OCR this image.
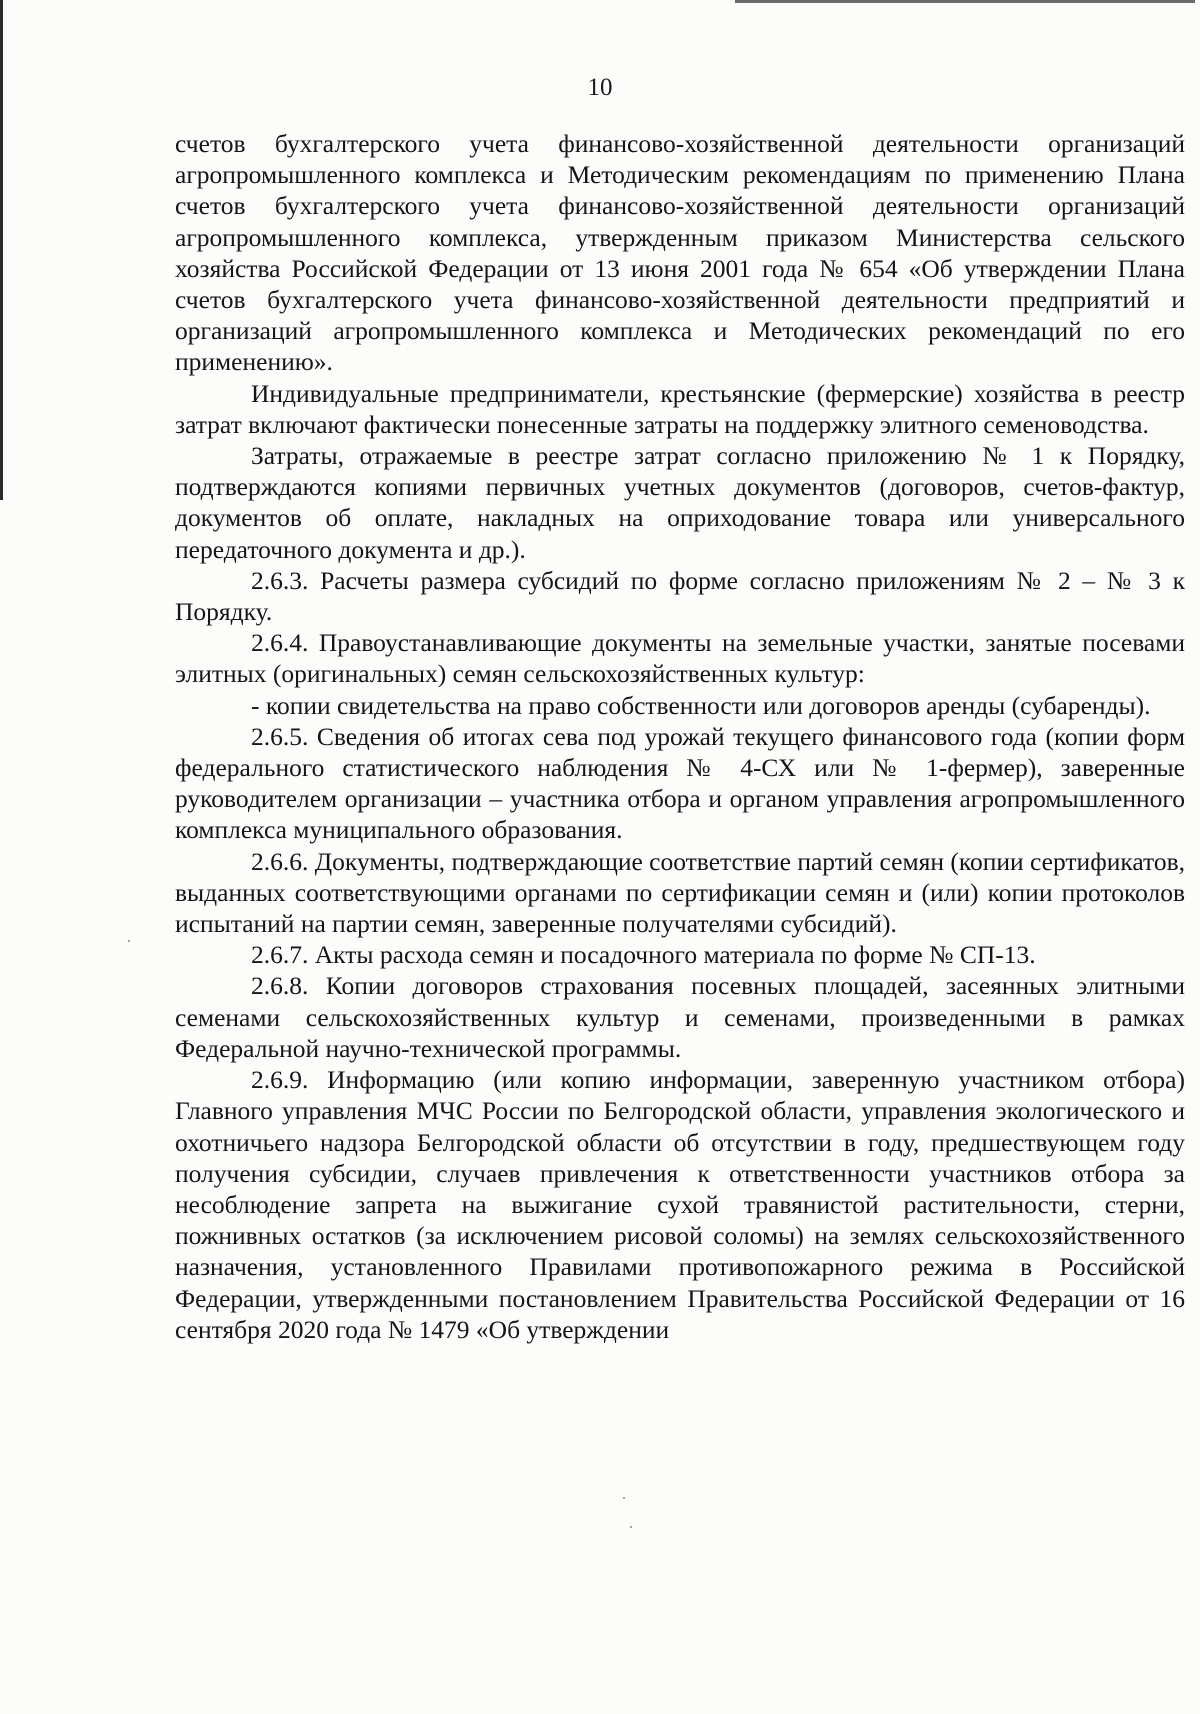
10

счетов бухгалтерского учета финансово-хозяйственной деятельности организаций агропромышленного комплекса и Методическим рекомендациям по применению Плана счетов бухгалтерского учета финансово-хозяйственной деятельности организаций агропромышленного комплекса, утвержденным приказом Министерства сельского хозяйства Российской Федерации от 13 июня 2001 года № 654 «Об утверждении Плана счетов бухгалтерского учета финансово-хозяйственной деятельности предприятий и организаций агропромышленного комплекса и Методических рекомендаций по его применению».

Индивидуальные предприниматели, крестьянские (фермерские) хозяйства в реестр затрат включают фактически понесенные затраты на поддержку элитного семеноводства.

Затраты, отражаемые в реестре затрат согласно приложению № 1 к Порядку, подтверждаются копиями первичных учетных документов (договоров, счетов-фактур, документов об оплате, накладных на оприходование товара или универсального передаточного документа и др.).

2.6.3. Расчеты размера субсидий по форме согласно приложениям № 2 – № 3 к Порядку.

2.6.4. Правоустанавливающие документы на земельные участки, занятые посевами элитных (оригинальных) семян сельскохозяйственных культур:

- копии свидетельства на право собственности или договоров аренды (субаренды).

2.6.5. Сведения об итогах сева под урожай текущего финансового года (копии форм федерального статистического наблюдения № 4-СХ или № 1-фермер), заверенные руководителем организации – участника отбора и органом управления агропромышленного комплекса муниципального образования.

2.6.6. Документы, подтверждающие соответствие партий семян (копии сертификатов, выданных соответствующими органами по сертификации семян и (или) копии протоколов испытаний на партии семян, заверенные получателями субсидий).

2.6.7. Акты расхода семян и посадочного материала по форме № СП-13.

2.6.8. Копии договоров страхования посевных площадей, засеянных элитными семенами сельскохозяйственных культур и семенами, произведенными в рамках Федеральной научно-технической программы.

2.6.9. Информацию (или копию информации, заверенную участником отбора) Главного управления МЧС России по Белгородской области, управления экологического и охотничьего надзора Белгородской области об отсутствии в году, предшествующем году получения субсидии, случаев привлечения к ответственности участников отбора за несоблюдение запрета на выжигание сухой травянистой растительности, стерни, пожнивных остатков (за исключением рисовой соломы) на землях сельскохозяйственного назначения, установленного Правилами противопожарного режима в Российской Федерации, утвержденными постановлением Правительства Российской Федерации от 16 сентября 2020 года № 1479 «Об утверждении
